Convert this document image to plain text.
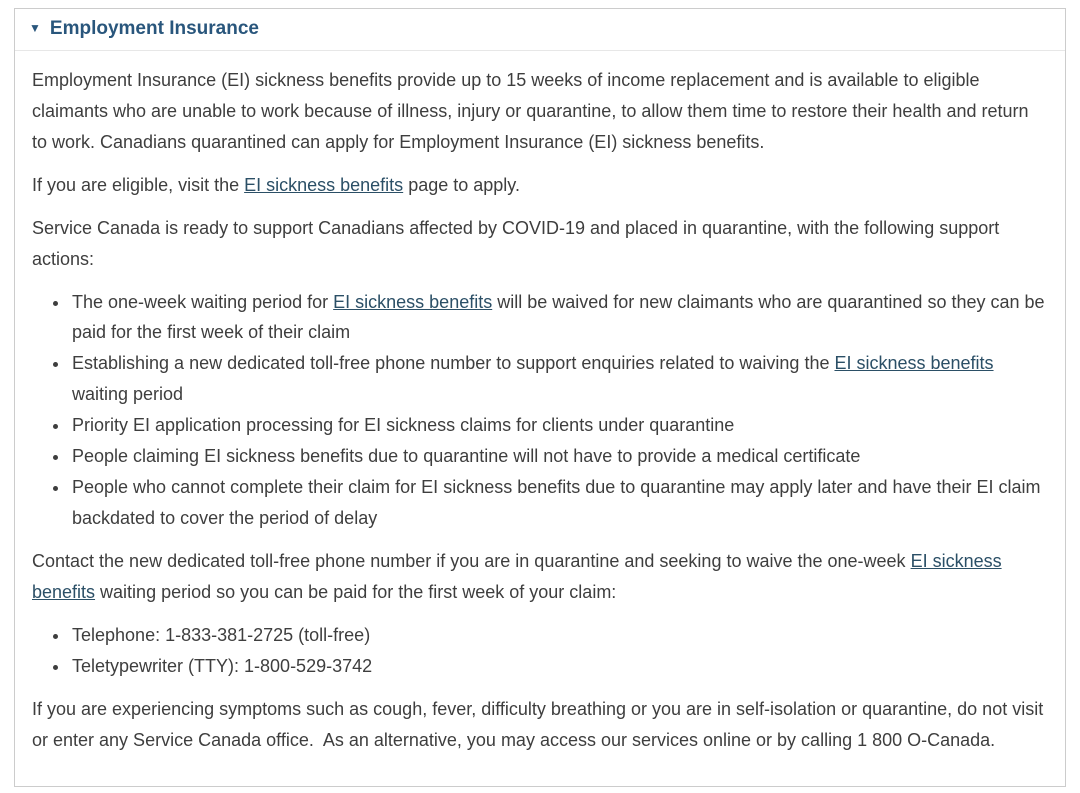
▼ Employment Insurance

Employment Insurance (EI) sickness benefits provide up to 15 weeks of income replacement and is available to eligible claimants who are unable to work because of illness, injury or quarantine, to allow them time to restore their health and return to work. Canadians quarantined can apply for Employment Insurance (EI) sickness benefits.

If you are eligible, visit the EI sickness benefits page to apply.

Service Canada is ready to support Canadians affected by COVID-19 and placed in quarantine, with the following support actions:

• The one-week waiting period for EI sickness benefits will be waived for new claimants who are quarantined so they can be paid for the first week of their claim
• Establishing a new dedicated toll-free phone number to support enquiries related to waiving the EI sickness benefits waiting period
• Priority EI application processing for EI sickness claims for clients under quarantine
• People claiming EI sickness benefits due to quarantine will not have to provide a medical certificate
• People who cannot complete their claim for EI sickness benefits due to quarantine may apply later and have their EI claim backdated to cover the period of delay

Contact the new dedicated toll-free phone number if you are in quarantine and seeking to waive the one-week EI sickness benefits waiting period so you can be paid for the first week of your claim:

• Telephone: 1-833-381-2725 (toll-free)
• Teletypewriter (TTY): 1-800-529-3742

If you are experiencing symptoms such as cough, fever, difficulty breathing or you are in self-isolation or quarantine, do not visit or enter any Service Canada office.  As an alternative, you may access our services online or by calling 1 800 O-Canada.
